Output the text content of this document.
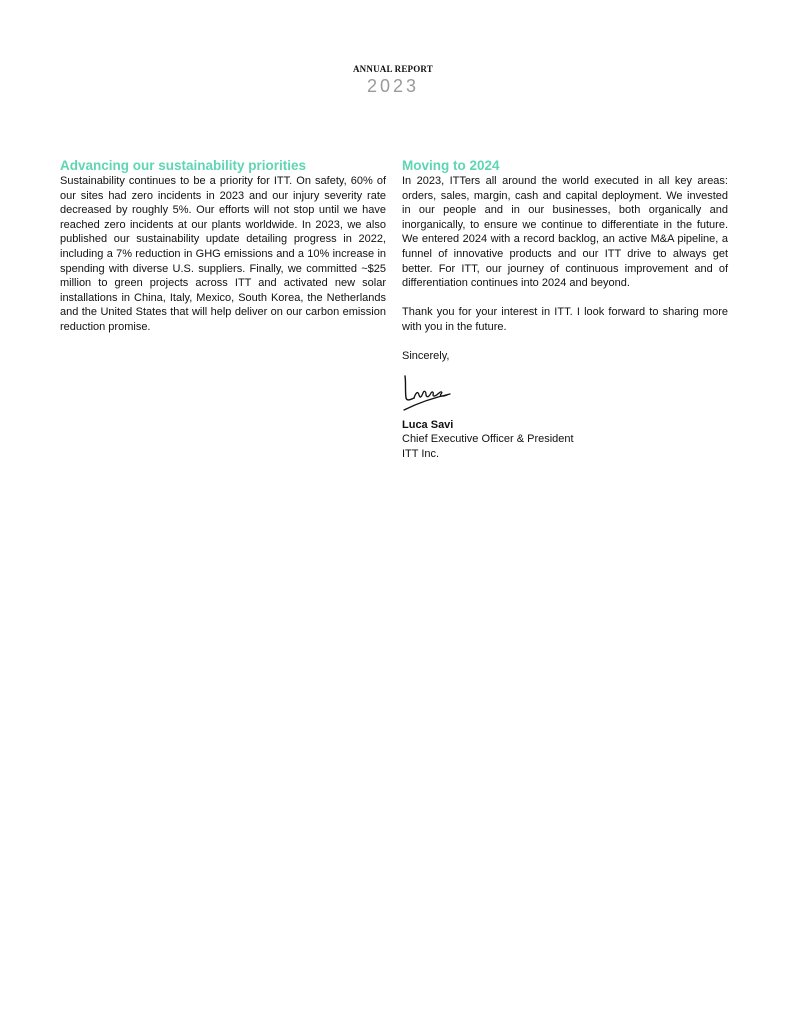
ANNUAL REPORT
2023
Advancing our sustainability priorities

Sustainability continues to be a priority for ITT. On safety, 60% of our sites had zero incidents in 2023 and our injury severity rate decreased by roughly 5%. Our efforts will not stop until we have reached zero incidents at our plants worldwide. In 2023, we also published our sustainability update detailing progress in 2022, including a 7% reduction in GHG emissions and a 10% increase in spending with diverse U.S. suppliers. Finally, we committed ~$25 million to green projects across ITT and activated new solar installations in China, Italy, Mexico, South Korea, the Netherlands and the United States that will help deliver on our carbon emission reduction promise.

Moving to 2024

In 2023, ITTers all around the world executed in all key areas: orders, sales, margin, cash and capital deployment. We invested in our people and in our businesses, both organically and inorganically, to ensure we continue to differentiate in the future. We entered 2024 with a record backlog, an active M&A pipeline, a funnel of innovative products and our ITT drive to always get better. For ITT, our journey of continuous improvement and of differentiation continues into 2024 and beyond.

Thank you for your interest in ITT. I look forward to sharing more with you in the future.

Sincerely,

Luca Savi
Chief Executive Officer & President
ITT Inc.
